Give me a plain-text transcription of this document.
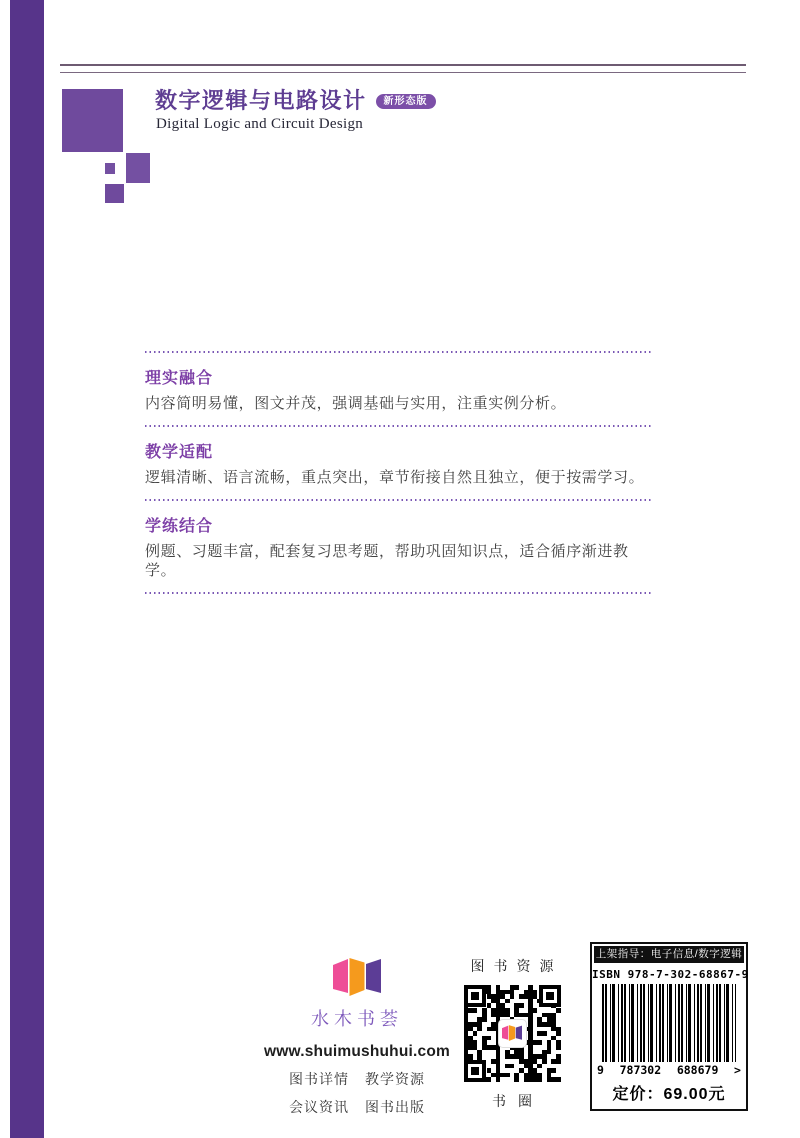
数字逻辑与电路设计 新形态版
Digital Logic and Circuit Design
理实融合
内容简明易懂，图文并茂，强调基础与实用，注重实例分析。
教学适配
逻辑清晰、语言流畅，重点突出，章节衔接自然且独立，便于按需学习。
学练结合
例题、习题丰富，配套复习思考题，帮助巩固知识点，适合循序渐进教学。
水木书荟
www.shuimushuhui.com
图书详情 教学资源
会议资讯 图书出版
图书资源
书圈
上架指导：电子信息/数字逻辑
ISBN 978-7-302-68867-9
9 787302 688679 >
定价：69.00元
